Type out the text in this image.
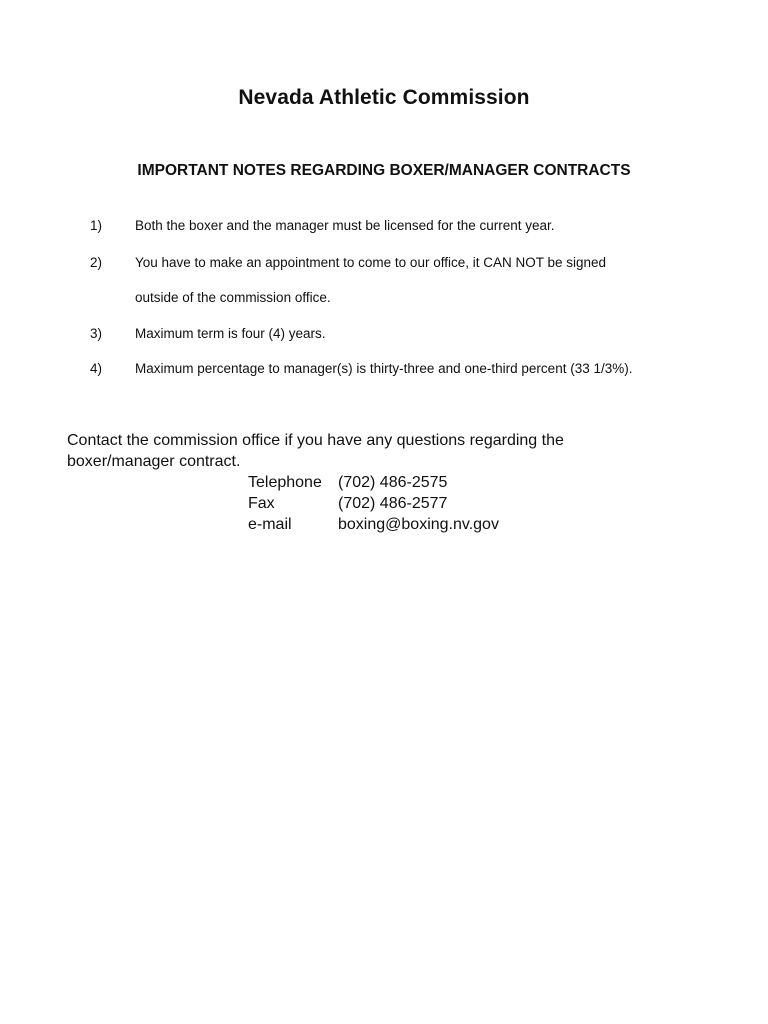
Nevada Athletic Commission
IMPORTANT NOTES REGARDING BOXER/MANAGER CONTRACTS
1) Both the boxer and the manager must be licensed for the current year.
2) You have to make an appointment to come to our office, it CAN NOT be signed
outside of the commission office.
3) Maximum term is four (4) years.
4) Maximum percentage to manager(s) is thirty-three and one-third percent (33 1/3%).
Contact the commission office if you have any questions regarding the
boxer/manager contract.
Telephone (702) 486-2575
Fax	(702) 486-2577
e-mail	boxing@boxing.nv.gov
